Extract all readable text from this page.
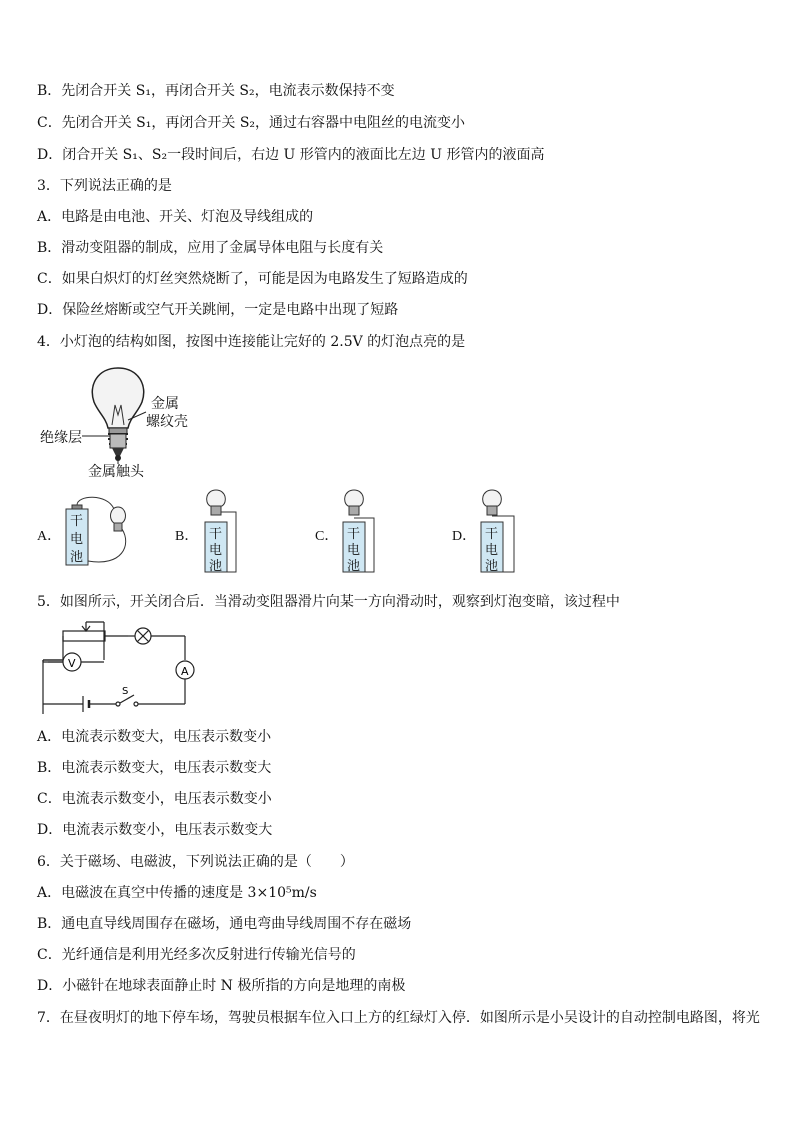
B．先闭合开关 S₁，再闭合开关 S₂，电流表示数保持不变
C．先闭合开关 S₁，再闭合开关 S₂，通过右容器中电阻丝的电流变小
D．闭合开关 S₁、S₂一段时间后，右边 U 形管内的液面比左边 U 形管内的液面高
3．下列说法正确的是
A．电路是由电池、开关、灯泡及导线组成的
B．滑动变阻器的制成，应用了金属导体电阻与长度有关
C．如果白炽灯的灯丝突然烧断了，可能是因为电路发生了短路造成的
D．保险丝熔断或空气开关跳闸，一定是电路中出现了短路
4．小灯泡的结构如图，按图中连接能让完好的 2.5V 的灯泡点亮的是
金属
螺纹壳
绝缘层
金属触头
A．
干
电
池
B． 干
电
池
C． 干
电
池
D． 干
电
池
5．如图所示，开关闭合后．当滑动变阻器滑片向某一方向滑动时，观察到灯泡变暗，该过程中
V
A
S
A．电流表示数变大，电压表示数变小
B．电流表示数变大，电压表示数变大
C．电流表示数变小，电压表示数变小
D．电流表示数变小，电压表示数变大
6．关于磁场、电磁波，下列说法正确的是（　　）
A．电磁波在真空中传播的速度是 3×10⁵m/s
B．通电直导线周围存在磁场，通电弯曲导线周围不存在磁场
C．光纤通信是利用光经多次反射进行传输光信号的
D．小磁针在地球表面静止时 N 极所指的方向是地理的南极
7．在昼夜明灯的地下停车场，驾驶员根据车位入口上方的红绿灯入停．如图所示是小吴设计的自动控制电路图，将光
